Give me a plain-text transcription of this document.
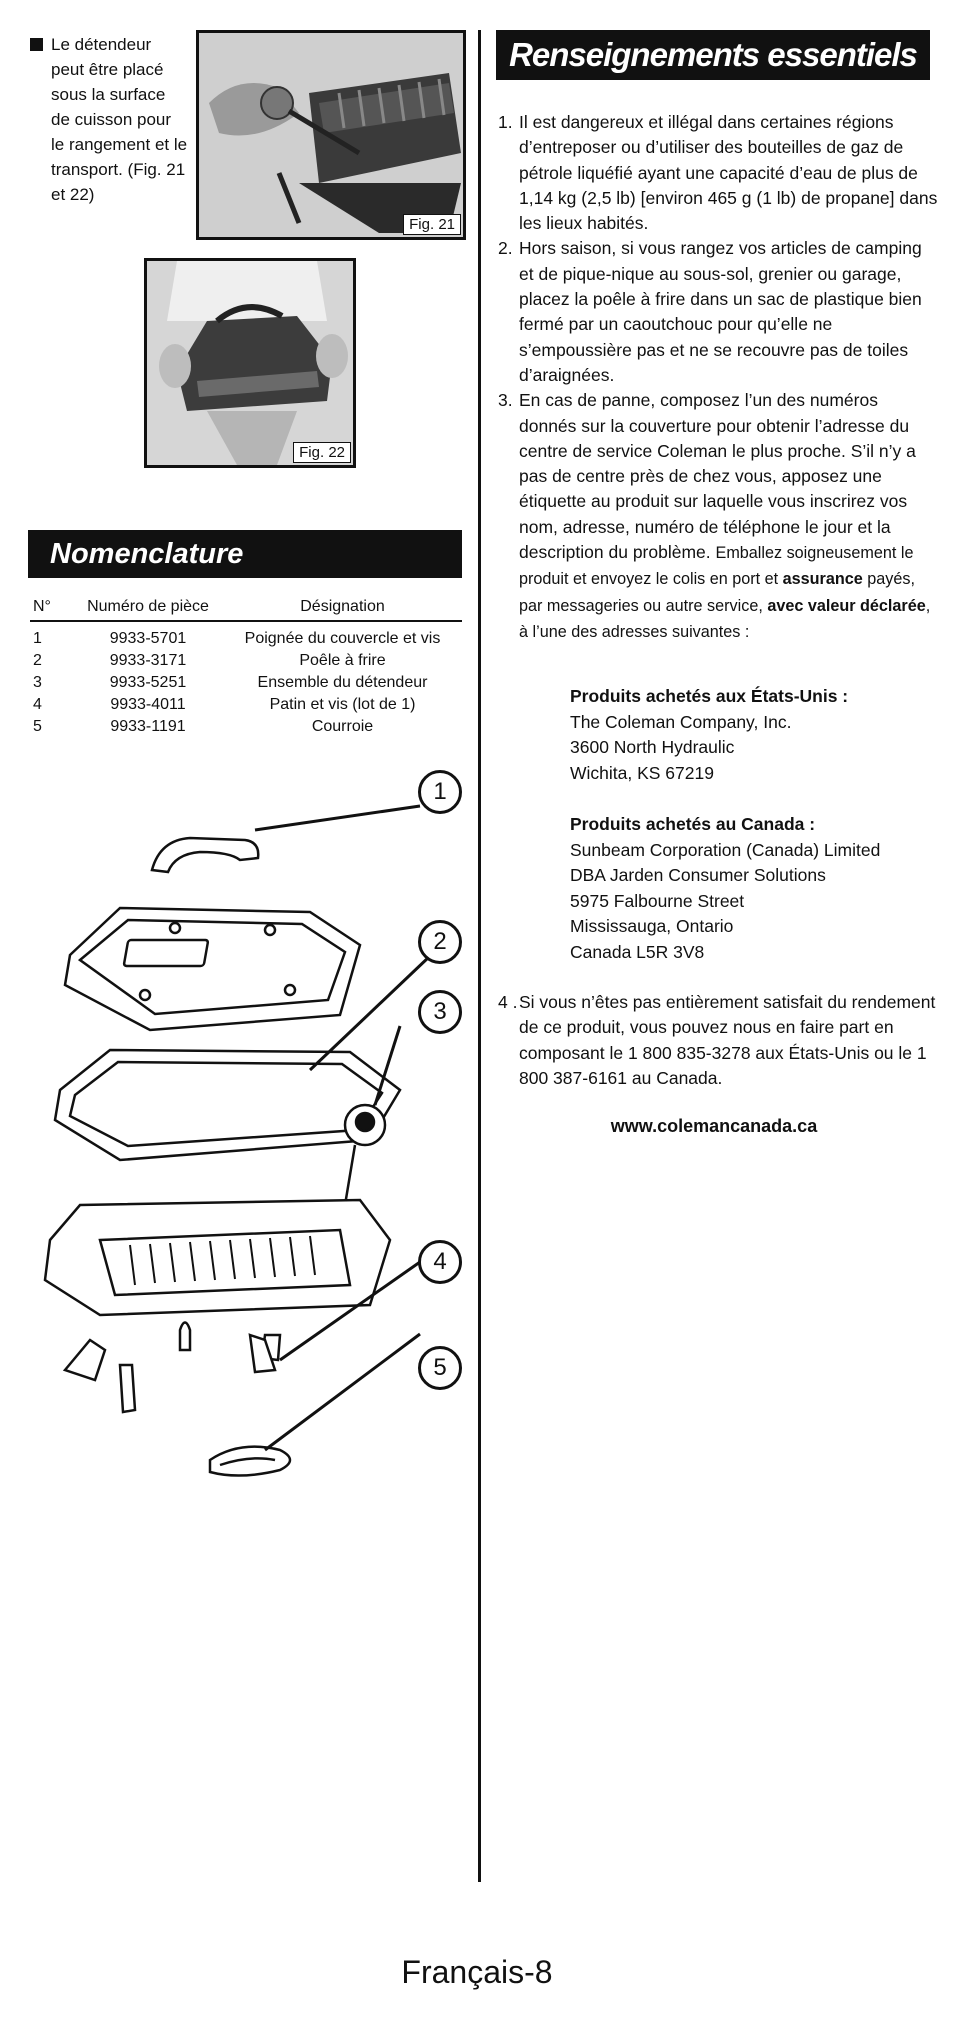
Le détendeur peut être placé sous la surface de cuisson pour le rangement et le transport. (Fig. 21 et 22)
Fig. 21
Fig. 22
Nomenclature
N°	Numéro de pièce	Désignation
1	9933-5701	Poignée du couvercle et vis
2	9933-3171	Poêle à frire
3	9933-5251	Ensemble du détendeur
4	9933-4011	Patin et vis (lot de 1)
5	9933-1191	Courroie
1
2
3
4
5
Renseignements essentiels
1. Il est dangereux et illégal dans certaines régions d’entreposer ou d’utiliser des bouteilles de gaz de pétrole liquéfié ayant une capacité d’eau de plus de 1,14 kg (2,5 lb) [environ 465 g (1 lb) de propane] dans les lieux habités.
2. Hors saison, si vous rangez vos articles de camping et de pique-nique au sous-sol, grenier ou garage, placez la poêle à frire dans un sac de plastique bien fermé par un caoutchouc pour qu’elle ne s’empoussière pas et ne se recouvre pas de toiles d’araignées.
3. En cas de panne, composez l’un des numéros donnés sur la couverture pour obtenir l’adresse du centre de service Coleman le plus proche. S’il n’y a pas de centre près de chez vous, apposez une étiquette au produit sur laquelle vous inscrirez vos nom, adresse, numéro de téléphone le jour et la description du problème. Emballez soigneusement le produit et envoyez le colis en port et assurance payés, par messageries ou autre service, avec valeur déclarée, à l’une des adresses suivantes :
Produits achetés aux États-Unis :
The Coleman Company, Inc.
3600 North Hydraulic
Wichita, KS 67219
Produits achetés au Canada :
Sunbeam Corporation (Canada) Limited
DBA Jarden Consumer Solutions
5975 Falbourne Street
Mississauga, Ontario
Canada L5R 3V8
4 . Si vous n’êtes pas entièrement satisfait du rendement de ce produit, vous pouvez nous en faire part en composant le 1 800 835-3278 aux États-Unis ou le 1 800 387-6161 au Canada.
www.colemancanada.ca
Français-8
